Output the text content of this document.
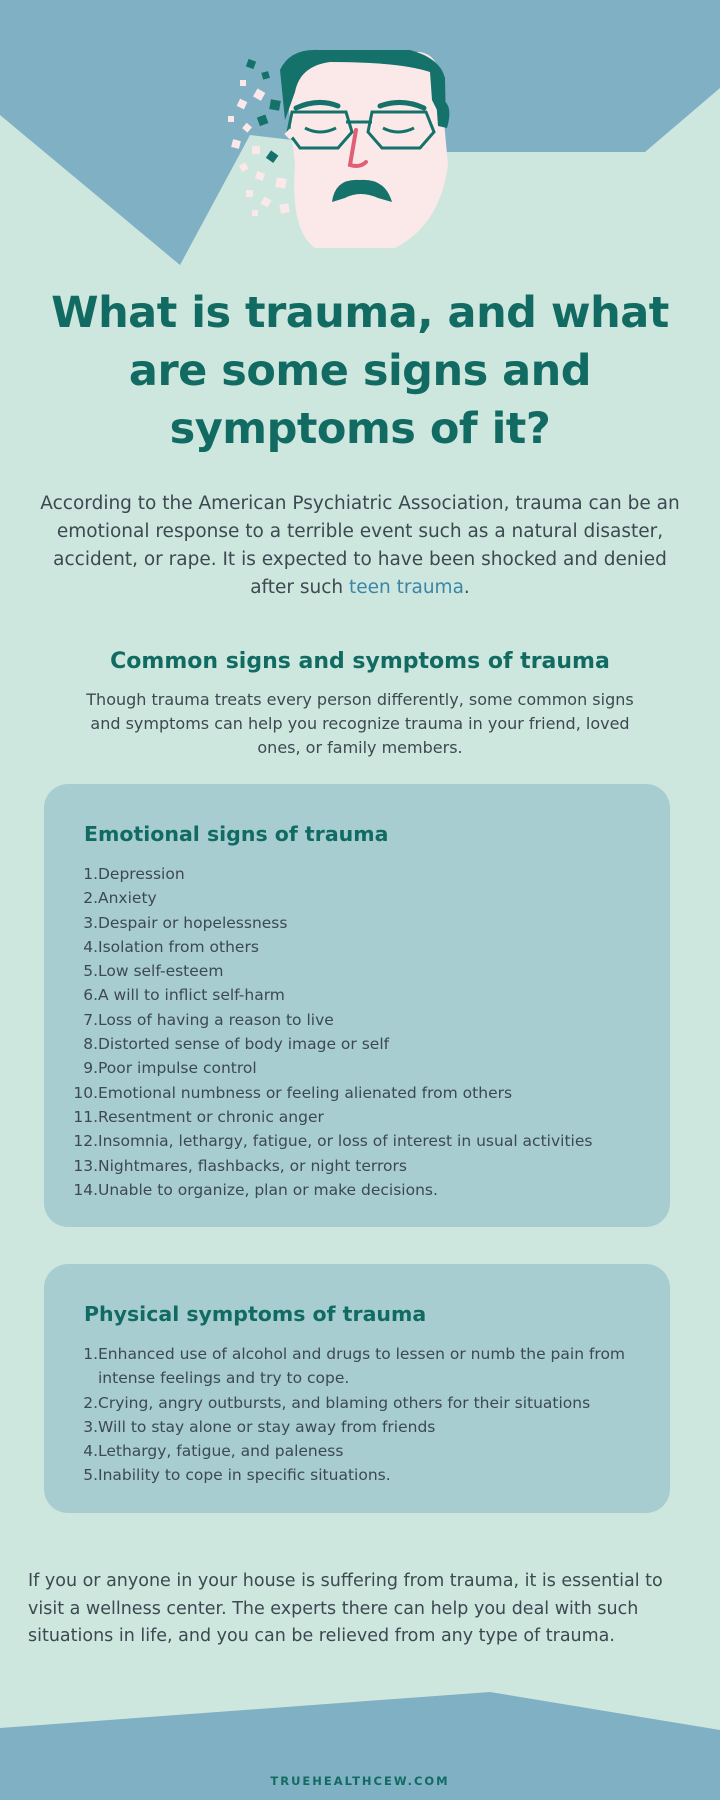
What is trauma, and what are some signs and symptoms of it?

According to the American Psychiatric Association, trauma can be an emotional response to a terrible event such as a natural disaster, accident, or rape. It is expected to have been shocked and denied after such teen trauma.

Common signs and symptoms of trauma

Though trauma treats every person differently, some common signs and symptoms can help you recognize trauma in your friend, loved ones, or family members.

Emotional signs of trauma
1. Depression
2. Anxiety
3. Despair or hopelessness
4. Isolation from others
5. Low self-esteem
6. A will to inflict self-harm
7. Loss of having a reason to live
8. Distorted sense of body image or self
9. Poor impulse control
10. Emotional numbness or feeling alienated from others
11. Resentment or chronic anger
12. Insomnia, lethargy, fatigue, or loss of interest in usual activities
13. Nightmares, flashbacks, or night terrors
14. Unable to organize, plan or make decisions.
Physical symptoms of trauma
1. Enhanced use of alcohol and drugs to lessen or numb the pain from intense feelings and try to cope.
2. Crying, angry outbursts, and blaming others for their situations
3. Will to stay alone or stay away from friends
4. Lethargy, fatigue, and paleness
5. Inability to cope in specific situations.

If you or anyone in your house is suffering from trauma, it is essential to visit a wellness center. The experts there can help you deal with such situations in life, and you can be relieved from any type of trauma.

TRUEHEALTHCEW.COM
